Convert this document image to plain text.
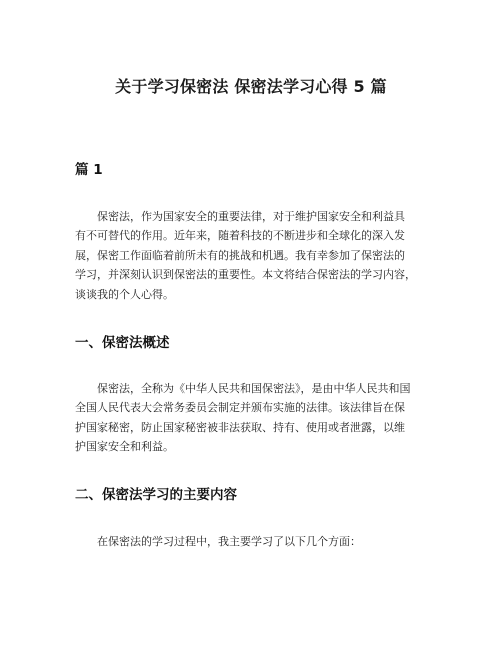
关于学习保密法 保密法学习心得 5 篇
篇 1
保密法，作为国家安全的重要法律，对于维护国家安全和利益具
有不可替代的作用。近年来，随着科技的不断进步和全球化的深入发
展，保密工作面临着前所未有的挑战和机遇。我有幸参加了保密法的
学习，并深刻认识到保密法的重要性。本文将结合保密法的学习内容，
谈谈我的个人心得。
一、保密法概述
保密法，全称为《中华人民共和国保密法》，是由中华人民共和国
全国人民代表大会常务委员会制定并颁布实施的法律。该法律旨在保
护国家秘密，防止国家秘密被非法获取、持有、使用或者泄露，以维
护国家安全和利益。
二、保密法学习的主要内容
在保密法的学习过程中，我主要学习了以下几个方面：
